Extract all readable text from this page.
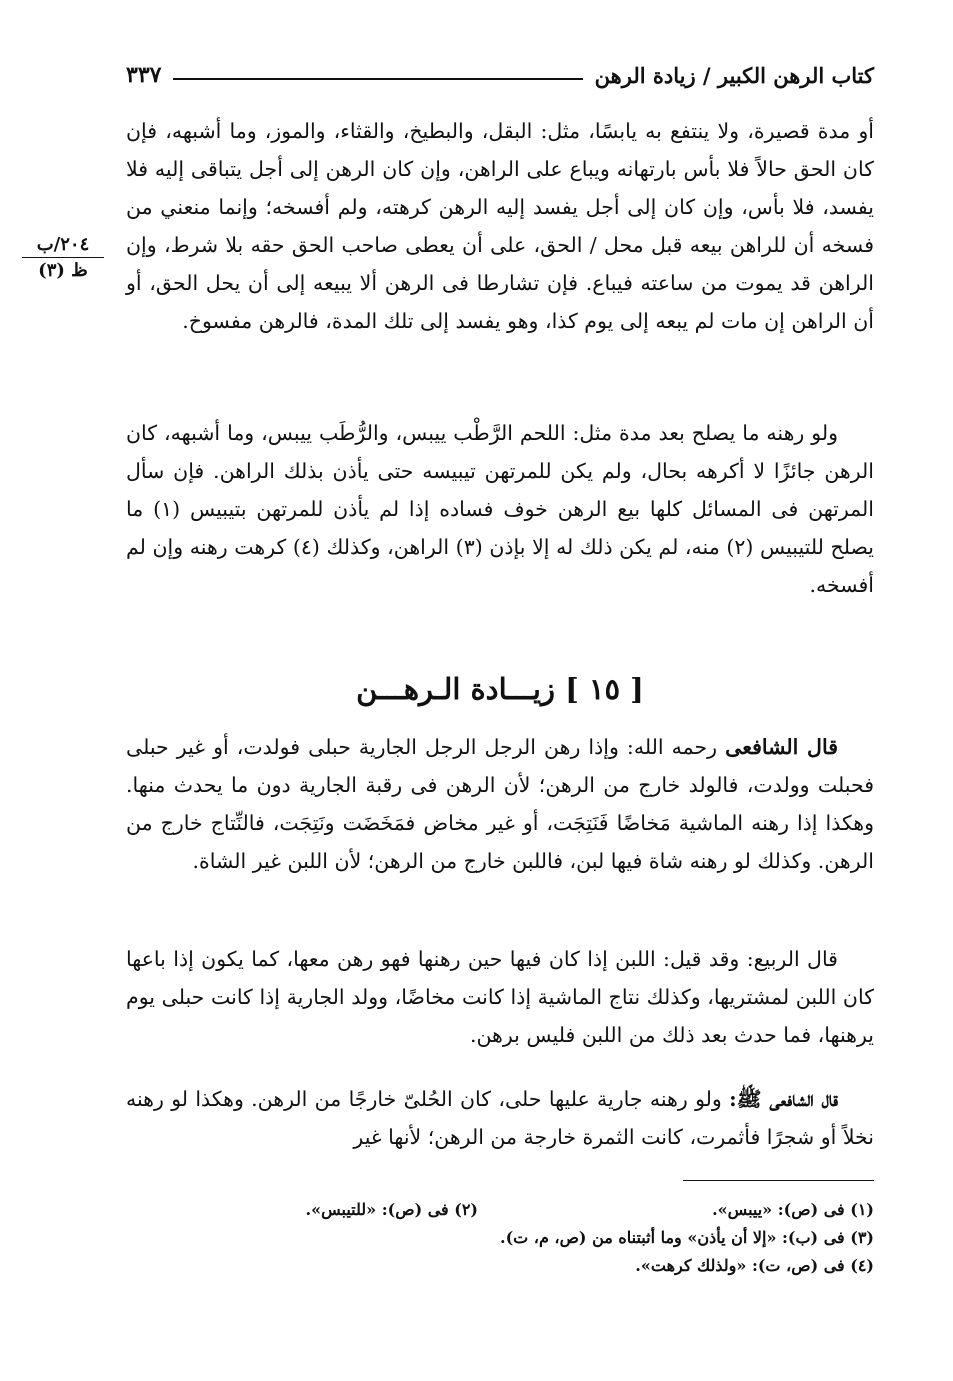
كتاب الرهن الكبير / زيادة الرهن
٣٣٧
٢٠٤/ب
ظ (٣)

أو مدة قصيرة، ولا ينتفع به يابسًا، مثل: البقل، والبطيخ، والقثاء، والموز، وما أشبهه، فإن كان الحق حالاً فلا بأس بارتهانه ويباع على الراهن، وإن كان الرهن إلى أجل يتباقى إليه فلا يفسد، فلا بأس، وإن كان إلى أجل يفسد إليه الرهن كرهته، ولم أفسخه؛ وإنما منعني من فسخه أن للراهن بيعه قبل محل / الحق، على أن يعطى صاحب الحق حقه بلا شرط، وإن الراهن قد يموت من ساعته فيباع. فإن تشارطا فى الرهن ألا يبيعه إلى أن يحل الحق، أو أن الراهن إن مات لم يبعه إلى يوم كذا، وهو يفسد إلى تلك المدة، فالرهن مفسوخ.

ولو رهنه ما يصلح بعد مدة مثل: اللحم الرَّطْب ييبس، والرُّطَب ييبس، وما أشبهه، كان الرهن جائزًا لا أكرهه بحال، ولم يكن للمرتهن تيبيسه حتى يأذن بذلك الراهن. فإن سأل المرتهن فى المسائل كلها بيع الرهن خوف فساده إذا لم يأذن للمرتهن بتيبيس (١) ما يصلح للتيبيس (٢) منه، لم يكن ذلك له إلا بإذن (٣) الراهن، وكذلك (٤) كرهت رهنه وإن لم أفسخه.

[ ١٥ ] زيـــادة الـرهـــن

قال الشافعى رحمه الله: وإذا رهن الرجل الرجل الجارية حبلى فولدت، أو غير حبلى فحبلت وولدت، فالولد خارج من الرهن؛ لأن الرهن فى رقبة الجارية دون ما يحدث منها. وهكذا إذا رهنه الماشية مَخاضًا فَنَتِجَت، أو غير مخاض فمَخَضَت ونَتِجَت، فالنِّتاج خارج من الرهن. وكذلك لو رهنه شاة فيها لبن، فاللبن خارج من الرهن؛ لأن اللبن غير الشاة.

قال الربيع: وقد قيل: اللبن إذا كان فيها حين رهنها فهو رهن معها، كما يكون إذا باعها كان اللبن لمشتريها، وكذلك نتاج الماشية إذا كانت مخاضًا، وولد الجارية إذا كانت حبلى يوم يرهنها، فما حدث بعد ذلك من اللبن فليس برهن.

قال الشافعى ﷺ: ولو رهنه جارية عليها حلى، كان الحُلىّ خارجًا من الرهن. وهكذا لو رهنه نخلاً أو شجرًا فأثمرت، كانت الثمرة خارجة من الرهن؛ لأنها غير

(١) فى (ص): «ييبس».
(٢) فى (ص): «للتيبس».
(٣) فى (ب): «إلا أن يأذن» وما أثبتناه من (ص، م، ت).
(٤) فى (ص، ت): «ولذلك كرهت».
